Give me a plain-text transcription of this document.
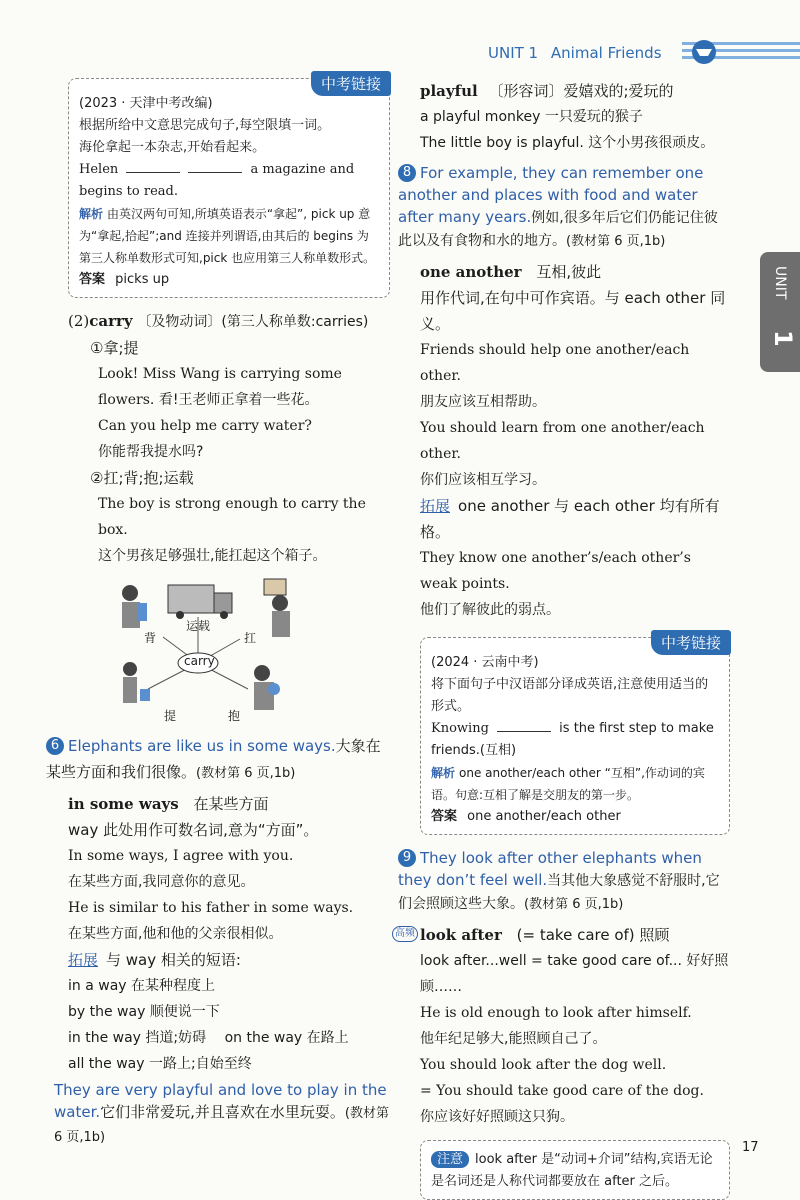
UNIT 1 Animal Friends
UNIT
1
中考链接

(2023 · 天津中考改编)

根据所给中文意思完成句子,每空限填一词。

海伦拿起一本杂志,开始看起来。

Helen	a magazine and

begins to read.

解析 由英汉两句可知,所填英语表示“拿起”, pick up 意为“拿起,拾起”;and 连接并列谓语,由其后的 begins 为第三人称单数形式可知,pick 也应用第三人称单数形式。

答案 picks up

(2)carry 〔及物动词〕(第三人称单数:carries)

①拿;提

Look! Miss Wang is carrying some flowers. 看!王老师正拿着一些花。

Can you help me carry water?

你能帮我提水吗?

②扛;背;抱;运载

The boy is strong enough to carry the box.

这个男孩足够强壮,能扛起这个箱子。

carry
运载
背	扛
提	抱

6 Elephants are like us in some ways.大象在某些方面和我们很像。(教材第 6 页,1b)

in some ways 在某些方面

way 此处用作可数名词,意为“方面”。

In some ways, I agree with you.

在某些方面,我同意你的意见。

He is similar to his father in some ways.

在某些方面,他和他的父亲很相似。

拓展 与 way 相关的短语:

in a way 在某种程度上

by the way 顺便说一下

in the way 挡道;妨碍 on the way 在路上

all the way 一路上;自始至终

They are very playful and love to play in the water.它们非常爱玩,并且喜欢在水里玩耍。(教材第 6 页,1b)

playful 〔形容词〕爱嬉戏的;爱玩的

a playful monkey 一只爱玩的猴子

The little boy is playful. 这个小男孩很顽皮。

8 For example, they can remember one another and places with food and water after many years.例如,很多年后它们仍能记住彼此以及有食物和水的地方。(教材第 6 页,1b)

one another 互相,彼此

用作代词,在句中可作宾语。与 each other 同义。

Friends should help one another/each other.

朋友应该互相帮助。

You should learn from one another/each other.

你们应该相互学习。

拓展 one another 与 each other 均有所有格。

They know one another’s/each other’s weak points.

他们了解彼此的弱点。

中考链接

(2024 · 云南中考)

将下面句子中汉语部分译成英语,注意使用适当的形式。

Knowing	is the first step to make friends.(互相)

解析 one another/each other “互相”,作动词的宾语。句意:互相了解是交朋友的第一步。

答案 one another/each other

9 They look after other elephants when they don’t feel well.当其他大象感觉不舒服时,它们会照顾这些大象。(教材第 6 页,1b)

高频 look after (= take care of) 照顾

look after...well = take good care of... 好好照顾……

He is old enough to look after himself.

他年纪足够大,能照顾自己了。

You should look after the dog well.

= You should take good care of the dog.

你应该好好照顾这只狗。

注意 look after 是“动词+介词”结构,宾语无论是名词还是人称代词都要放在 after 之后。

17
